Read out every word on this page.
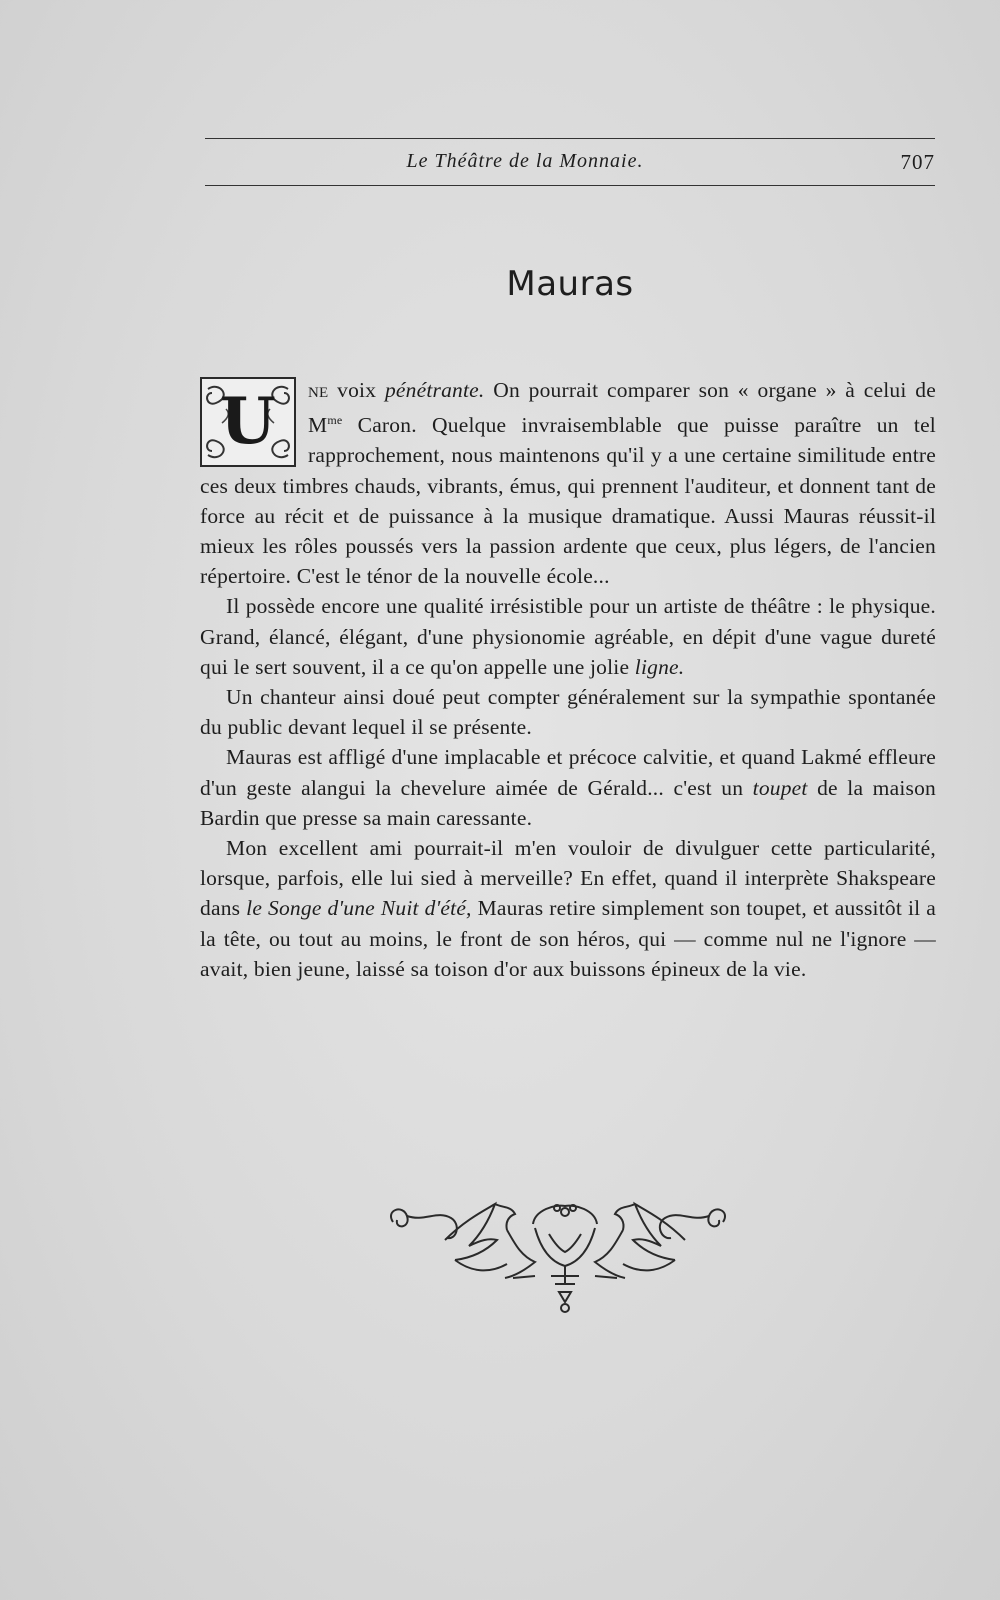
Le Théâtre de la Monnaie.	707
Mauras

U	ne voix pénétrante. On pourrait comparer son « organe » à celui de $M^{me}$ Caron. Quelque invraisemblable que puisse paraître un tel rapprochement, nous maintenons qu'il y a une certaine similitude entre ces deux timbres chauds, vibrants, émus, qui prennent l'auditeur, et donnent tant de force au récit et de puissance à la musique dramatique. Aussi Mauras réussit-il mieux les rôles poussés vers la passion ardente que ceux, plus légers, de l'ancien répertoire. C'est le ténor de la nouvelle école...

Il possède encore une qualité irrésistible pour un artiste de théâtre : le physique. Grand, élancé, élégant, d'une physionomie agréable, en dépit d'une vague dureté qui le sert souvent, il a ce qu'on appelle une jolie ligne.

Un chanteur ainsi doué peut compter généralement sur la sympathie spontanée du public devant lequel il se présente.

Mauras est affligé d'une implacable et précoce calvitie, et quand Lakmé effleure d'un geste alangui la chevelure aimée de Gérald... c'est un toupet de la maison Bardin que presse sa main caressante.

Mon excellent ami pourrait-il m'en vouloir de divulguer cette particularité, lorsque, parfois, elle lui sied à merveille? En effet, quand il interprète Shakspeare dans le Songe d'une Nuit d'été, Mauras retire simplement son toupet, et aussitôt il a la tête, ou tout au moins, le front de son héros, qui — comme nul ne l'ignore — avait, bien jeune, laissé sa toison d'or aux buissons épineux de la vie.
